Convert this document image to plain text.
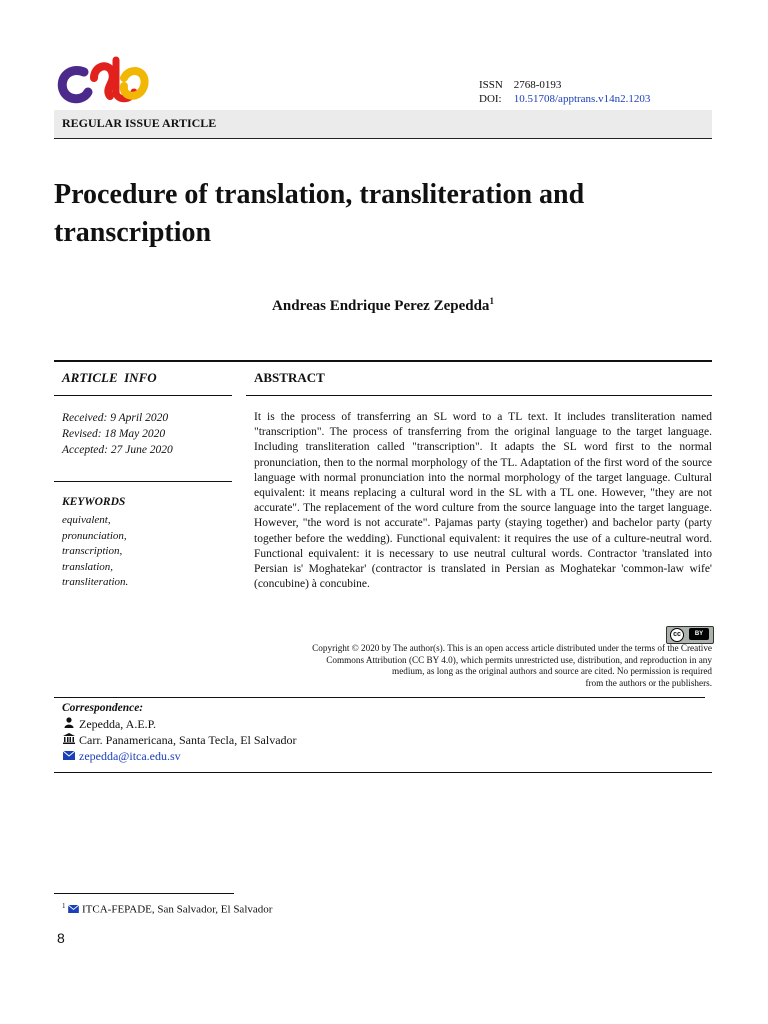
ISSN 2768-0193
DOI: 10.51708/apptrans.v14n2.1203
REGULAR ISSUE ARTICLE
Procedure of translation, transliteration and transcription
Andreas Endrique Perez Zepedda$^1$
ARTICLE  INFO	ABSTRACT
Received: 9 April 2020
Revised: 18 May 2020
Accepted: 27 June 2020
KEYWORDS
equivalent,
pronunciation,
transcription,
translation,
transliteration.
It is the process of transferring an SL word to a TL text. It includes transliteration named "transcription". The process of transferring from the original language to the target language. Including transliteration called "transcription". It adapts the SL word first to the normal pronunciation, then to the normal morphology of the TL. Adaptation of the first word of the source language with normal pronunciation into the normal morphology of the target language. Cultural equivalent: it means replacing a cultural word in the SL with a TL one. However, "they are not accurate". The replacement of the word culture from the source language into the target language. However, "the word is not accurate". Pajamas party (staying together) and bachelor party (party together before the wedding). Functional equivalent: it requires the use of a culture-neutral word. Functional equivalent: it is necessary to use neutral cultural words. Contractor 'translated into Persian is' Moghatekar' (contractor is translated in Persian as Moghatekar 'common-law wife' (concubine) à concubine.
cc	BY
Copyright © 2020 by The author(s). This is an open access article distributed under the terms of the Creative
Commons Attribution (CC BY 4.0), which permits unrestricted use, distribution, and reproduction in any
medium, as long as the original authors and source are cited. No permission is required
from the authors or the publishers.
Correspondence:
Zepedda, A.E.P.
Carr. Panamericana, Santa Tecla, El Salvador
zepedda@itca.edu.sv
$^1$ ITCA-FEPADE, San Salvador, El Salvador
8
